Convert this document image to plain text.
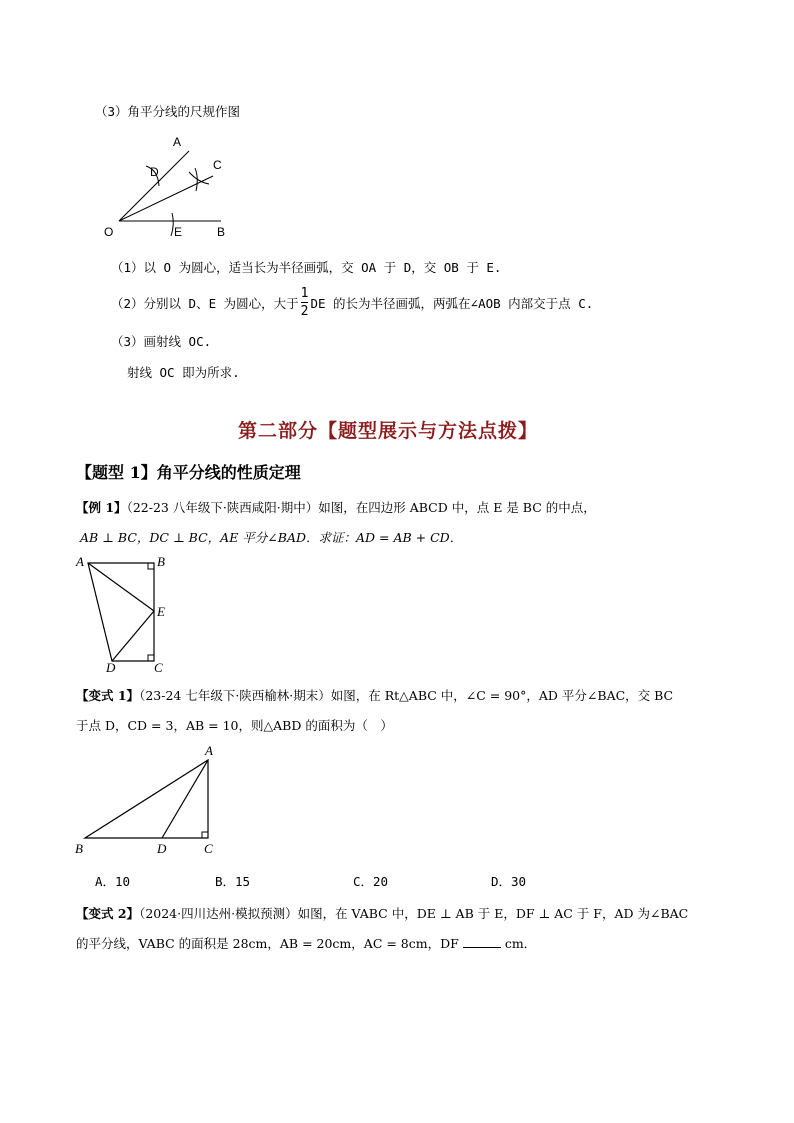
（3）角平分线的尺规作图
A
C
D
O	E	B
（1）以 O 为圆心，适当长为半径画弧，交 OA 于 D，交 OB 于 E.
（2）分别以 D、E 为圆心，大于 $\frac{1}{2}$ DE 的长为半径画弧，两弧在∠AOB 内部交于点 C.
（3）画射线 OC.
射线 OC 即为所求.
第二部分【题型展示与方法点拨】
【题型 1】角平分线的性质定理
【例 1】（22-23 八年级下·陕西咸阳·期中）如图，在四边形 ABCD 中，点 E 是 BC 的中点，
AB ⊥ BC，DC ⊥ BC，AE 平分∠BAD．求证：AD = AB + CD．
A	B
E
D	C
【变式 1】（23-24 七年级下·陕西榆林·期末）如图，在 Rt△ABC 中，∠C = 90°，AD 平分∠BAC，交 BC
于点 D，CD = 3，AB = 10，则△ABD 的面积为（　）
A
B	D	C
A．10	B．15	C．20	D．30
【变式 2】（2024·四川达州·模拟预测）如图，在 VABC 中，DE ⊥ AB 于 E，DF ⊥ AC 于 F，AD 为∠BAC
的平分线，VABC 的面积是 28cm，AB = 20cm，AC = 8cm，DF	cm．
